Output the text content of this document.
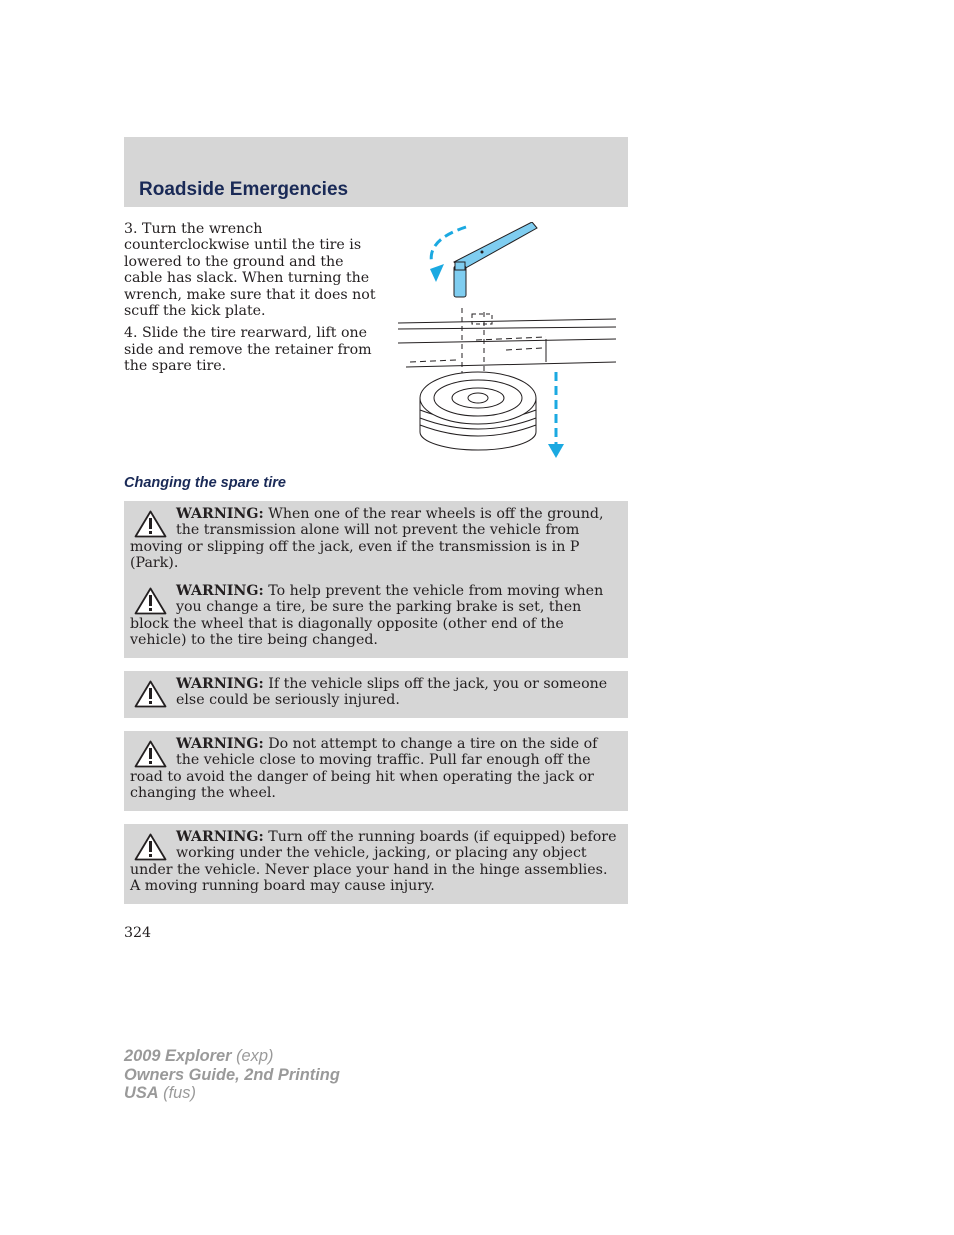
Roadside Emergencies

3. Turn the wrench counterclockwise until the tire is lowered to the ground and the cable has slack. When turning the wrench, make sure that it does not scuff the kick plate.

4. Slide the tire rearward, lift one side and remove the retainer from the spare tire.

Changing the spare tire
WARNING: When one of the rear wheels is off the ground, the transmission alone will not prevent the vehicle from moving or slipping off the jack, even if the transmission is in P (Park).
WARNING: To help prevent the vehicle from moving when you change a tire, be sure the parking brake is set, then block the wheel that is diagonally opposite (other end of the vehicle) to the tire being changed.
WARNING: If the vehicle slips off the jack, you or someone else could be seriously injured.
WARNING: Do not attempt to change a tire on the side of the vehicle close to moving traffic. Pull far enough off the road to avoid the danger of being hit when operating the jack or changing the wheel.
WARNING: Turn off the running boards (if equipped) before working under the vehicle, jacking, or placing any object under the vehicle. Never place your hand in the hinge assemblies. A moving running board may cause injury.
324
2009 Explorer (exp)
Owners Guide, 2nd Printing
USA (fus)
